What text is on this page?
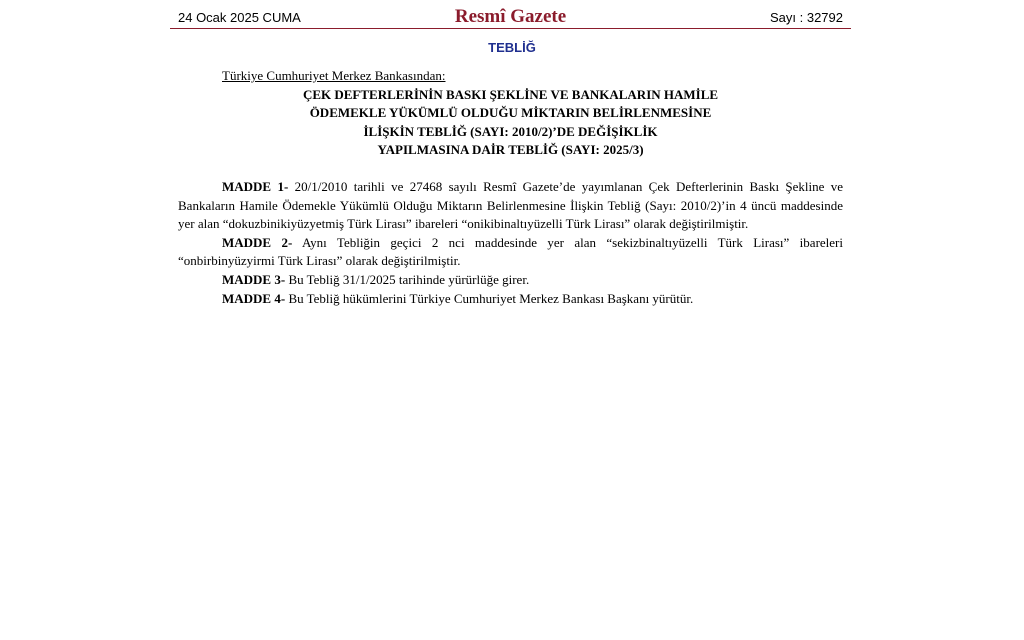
24 Ocak 2025 CUMA	Resmî Gazete	Sayı : 32792
TEBLİĞ
Türkiye Cumhuriyet Merkez Bankasından:
ÇEK DEFTERLERİNİN BASKI ŞEKLİNE VE BANKALARIN HAMİLE
ÖDEMEKLE YÜKÜMLÜ OLDUĞU MİKTARIN BELİRLENMESİNE
İLİŞKİN TEBLİĞ (SAYI: 2010/2)’DE DEĞİŞİKLİK
YAPILMASINA DAİR TEBLİĞ (SAYI: 2025/3)

MADDE 1- 20/1/2010 tarihli ve 27468 sayılı Resmî Gazete’de yayımlanan Çek Defterlerinin Baskı Şekline ve Bankaların Hamile Ödemekle Yükümlü Olduğu Miktarın Belirlenmesine İlişkin Tebliğ (Sayı: 2010/2)’in 4 üncü maddesinde yer alan “dokuzbinikiyüzyetmiş Türk Lirası” ibareleri “onikibinaltıyüzelli Türk Lirası” olarak değiştirilmiştir.

MADDE 2- Aynı Tebliğin geçici 2 nci maddesinde yer alan “sekizbinaltıyüzelli Türk Lirası” ibareleri “onbirbinyüzyirmi Türk Lirası” olarak değiştirilmiştir.

MADDE 3- Bu Tebliğ 31/1/2025 tarihinde yürürlüğe girer.

MADDE 4- Bu Tebliğ hükümlerini Türkiye Cumhuriyet Merkez Bankası Başkanı yürütür.
